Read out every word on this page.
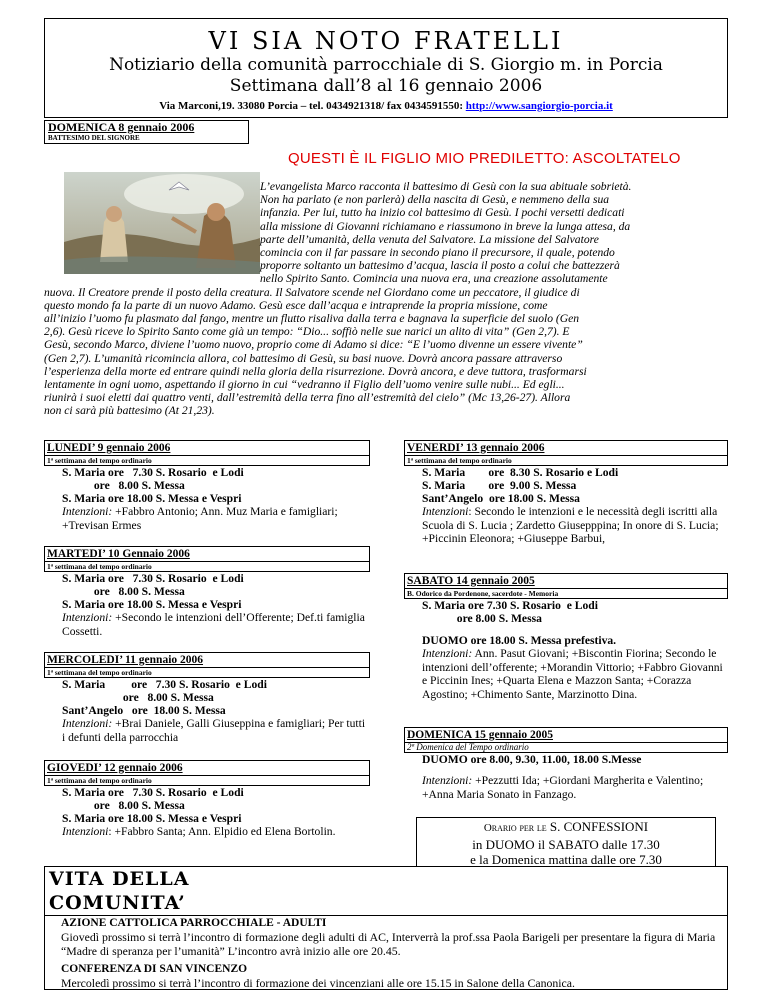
VI SIA NOTO FRATELLI
Notiziario della comunità parrocchiale di S. Giorgio m. in Porcia
Settimana dall’8 al 16 gennaio 2006
Via Marconi,19. 33080 Porcia – tel. 0434921318/ fax 0434591550: http://www.sangiorgio-porcia.it
DOMENICA 8 gennaio 2006
BATTESIMO DEL SIGNORE
QUESTI È IL FIGLIO MIO PREDILETTO: ASCOLTATELO
L’evangelista Marco racconta il battesimo di Gesù con la sua abituale sobrietà.
Non ha parlato (e non parlerà) della nascita di Gesù, e nemmeno della sua
infanzia. Per lui, tutto ha inizio col battesimo di Gesù. I pochi versetti dedicati
alla missione di Giovanni richiamano e riassumono in breve la lunga attesa, da
parte dell’umanità, della venuta del Salvatore. La missione del Salvatore
comincia con il far passare in secondo piano il precursore, il quale, potendo
proporre soltanto un battesimo d’acqua, lascia il posto a colui che battezzerà
nello Spirito Santo. Comincia una nuova era, una creazione assolutamente
nuova. Il Creatore prende il posto della creatura. Il Salvatore scende nel Giordano come un peccatore, il giudice di
questo mondo fa la parte di un nuovo Adamo. Gesù esce dall’acqua e intraprende la propria missione, come
all’inizio l’uomo fu plasmato dal fango, mentre un flutto risaliva dalla terra e bagnava la superficie del suolo (Gen
2,6). Gesù riceve lo Spirito Santo come già un tempo: “Dio... soffiò nelle sue narici un alito di vita” (Gen 2,7). E
Gesù, secondo Marco, diviene l’uomo nuovo, proprio come di Adamo si dice: “E l’uomo divenne un essere vivente”
(Gen 2,7). L’umanità ricomincia allora, col battesimo di Gesù, su basi nuove. Dovrà ancora passare attraverso
l’esperienza della morte ed entrare quindi nella gloria della risurrezione. Dovrà ancora, e deve tuttora, trasformarsi
lentamente in ogni uomo, aspettando il giorno in cui “vedranno il Figlio dell’uomo venire sulle nubi... Ed egli...
riunirà i suoi eletti dai quattro venti, dall’estremità della terra fino all’estremità del cielo” (Mc 13,26-27). Allora
non ci sarà più battesimo (At 21,23).
LUNEDI’ 9 gennaio 2006
1ª settimana del tempo ordinario
S. Maria ore   7.30 S. Rosario  e Lodi
ore   8.00 S. Messa
S. Maria ore 18.00 S. Messa e Vespri
Intenzioni: +Fabbro Antonio; Ann. Muz Maria e famigliari; +Trevisan Ermes
MARTEDI’ 10 Gennaio 2006
1ª settimana del tempo ordinario
S. Maria ore   7.30 S. Rosario  e Lodi
ore   8.00 S. Messa
S. Maria ore 18.00 S. Messa e Vespri
Intenzioni: +Secondo le intenzioni dell’Offerente; Def.ti famiglia Cossetti.
MERCOLEDI’ 11 gennaio 2006
1ª settimana del tempo ordinario
S. Maria         ore   7.30 S. Rosario  e Lodi
ore   8.00 S. Messa
Sant’Angelo   ore  18.00 S. Messa
Intenzioni: +Brai Daniele, Galli Giuseppina e famigliari; Per tutti i defunti della parrocchia
GIOVEDI’ 12 gennaio 2006
1ª settimana del tempo ordinario
S. Maria ore   7.30 S. Rosario  e Lodi
ore   8.00 S. Messa
S. Maria ore 18.00 S. Messa e Vespri
Intenzioni: +Fabbro Santa; Ann. Elpidio ed Elena Bortolin.
VENERDI’ 13 gennaio 2006
1ª settimana del tempo ordinario
S. Maria        ore  8.30 S. Rosario e Lodi
S. Maria        ore  9.00 S. Messa
Sant’Angelo  ore 18.00 S. Messa
Intenzioni: Secondo le intenzioni e le necessità degli iscritti alla Scuola di S. Lucia ; Zardetto Giusepppina; In onore di S. Lucia; +Piccinin Eleonora; +Giuseppe Barbui,
SABATO 14 gennaio 2005
B. Odorico da Pordenone, sacerdote - Memoria
S. Maria ore 7.30 S. Rosario  e Lodi
ore 8.00 S. Messa
DUOMO ore 18.00 S. Messa prefestiva.
Intenzioni: Ann. Pasut Giovani; +Biscontin Fiorina; Secondo le intenzioni dell’offerente; +Morandin Vittorio; +Fabbro Giovanni e Piccinin Ines; +Quarta Elena e Mazzon Santa; +Corazza Agostino; +Chimento Sante, Marzinotto Dina.
DOMENICA 15 gennaio 2005
2ª Domenica del Tempo ordinario
DUOMO ore 8.00, 9.30, 11.00, 18.00 S.Messe
Intenzioni: +Pezzutti Ida; +Giordani Margherita e Valentino; +Anna Maria Sonato in Fanzago.
Orario per le S. CONFESSIONI
in DUOMO il SABATO dalle 17.30
e la Domenica mattina dalle ore 7.30
VITA DELLA COMUNITA’
AZIONE CATTOLICA PARROCCHIALE - ADULTI
Giovedì prossimo si terrà l’incontro di formazione degli adulti di AC, Interverrà la prof.ssa Paola Barigeli per presentare la figura di Maria “Madre di speranza per l’umanità” L’incontro avrà inizio alle ore 20.45.
CONFERENZA DI SAN VINCENZO
Mercoledì prossimo si terrà l’incontro di formazione dei vincenziani alle ore 15.15 in Salone della Canonica.
